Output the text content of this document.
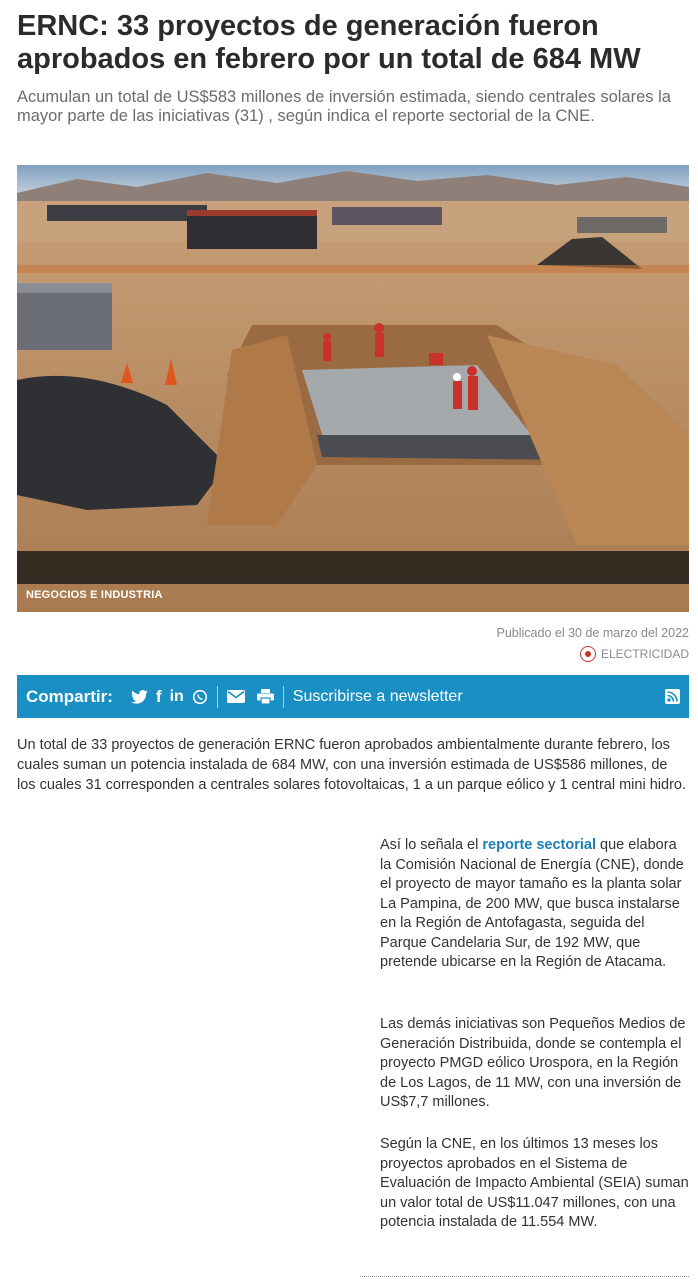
ERNC: 33 proyectos de generación fueron aprobados en febrero por un total de 684 MW

Acumulan un total de US$583 millones de inversión estimada, siendo centrales solares la mayor parte de las iniciativas (31) , según indica el reporte sectorial de la CNE.

NEGOCIOS E INDUSTRIA
Publicado el 30 de marzo del 2022
ELECTRICIDAD
Compartir:	f in	Suscribirse a newsletter

Un total de 33 proyectos de generación ERNC fueron aprobados ambientalmente durante febrero, los cuales suman un potencia instalada de 684 MW, con una inversión estimada de US$586 millones, de los cuales 31 corresponden a centrales solares fotovoltaicas, 1 a un parque eólico y 1 central mini hidro.

Así lo señala el reporte sectorial que elabora la Comisión Nacional de Energía (CNE), donde el proyecto de mayor tamaño es la planta solar La Pampina, de 200 MW, que busca instalarse en la Región de Antofagasta, seguida del Parque Candelaria Sur, de 192 MW, que pretende ubicarse en la Región de Atacama.

Las demás iniciativas son Pequeños Medios de Generación Distribuida, donde se contempla el proyecto PMGD eólico Urospora, en la Región de Los Lagos, de 11 MW, con una inversión de US$7,7 millones.

Según la CNE, en los últimos 13 meses los proyectos aprobados en el Sistema de Evaluación de Impacto Ambiental (SEIA) suman un valor total de US$11.047 millones, con una potencia instalada de 11.554 MW.
